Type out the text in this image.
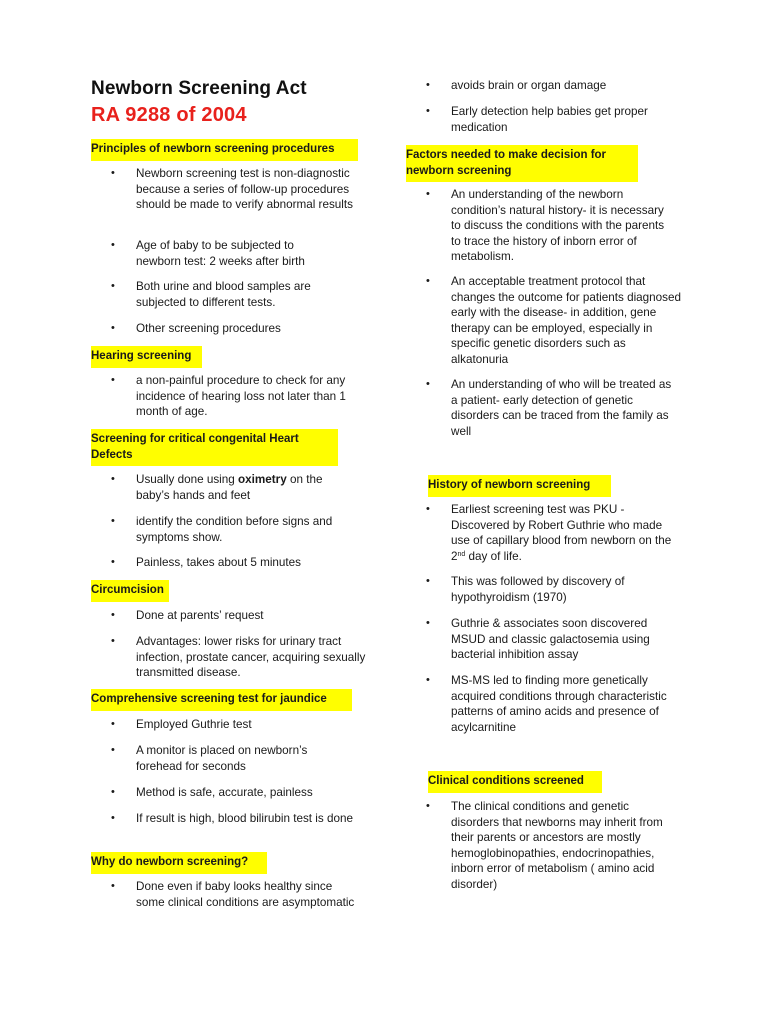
Newborn Screening Act
RA 9288 of 2004
Principles of newborn screening procedures
• Newborn screening test is non-diagnostic because a series of follow-up procedures should be made to verify abnormal results
• Age of baby to be subjected to newborn test: 2 weeks after birth
• Both urine and blood samples are subjected to different tests.
• Other screening procedures
Hearing screening
• a non-painful procedure to check for any incidence of hearing loss not later than 1 month of age.
Screening for critical congenital Heart Defects
• Usually done using oximetry on the baby’s hands and feet
• identify the condition before signs and symptoms show.
• Painless, takes about 5 minutes
Circumcision
• Done at parents’ request
• Advantages: lower risks for urinary tract infection, prostate cancer, acquiring sexually transmitted disease.
Comprehensive screening test for jaundice
• Employed Guthrie test
• A monitor is placed on newborn’s forehead for seconds
• Method is safe, accurate, painless
• If result is high, blood bilirubin test is done
Why do newborn screening?
• Done even if baby looks healthy since some clinical conditions are asymptomatic
• avoids brain or organ damage
• Early detection help babies get proper medication
Factors needed to make decision for newborn screening
• An understanding of the newborn condition’s natural history- it is necessary to discuss the conditions with the parents to trace the history of inborn error of metabolism.
• An acceptable treatment protocol that changes the outcome for patients diagnosed early with the disease- in addition, gene therapy can be employed, especially in specific genetic disorders such as alkatonuria
• An understanding of who will be treated as a patient- early detection of genetic disorders can be traced from the family as well
History of newborn screening
• Earliest screening test was PKU - Discovered by Robert Guthrie who made use of capillary blood from newborn on the 2nd day of life.
• This was followed by discovery of hypothyroidism (1970)
• Guthrie & associates soon discovered MSUD and classic galactosemia using bacterial inhibition assay
• MS-MS led to finding more genetically acquired conditions through characteristic patterns of amino acids and presence of acylcarnitine
Clinical conditions screened
• The clinical conditions and genetic disorders that newborns may inherit from their parents or ancestors are mostly hemoglobinopathies, endocrinopathies, inborn error of metabolism ( amino acid disorder)
